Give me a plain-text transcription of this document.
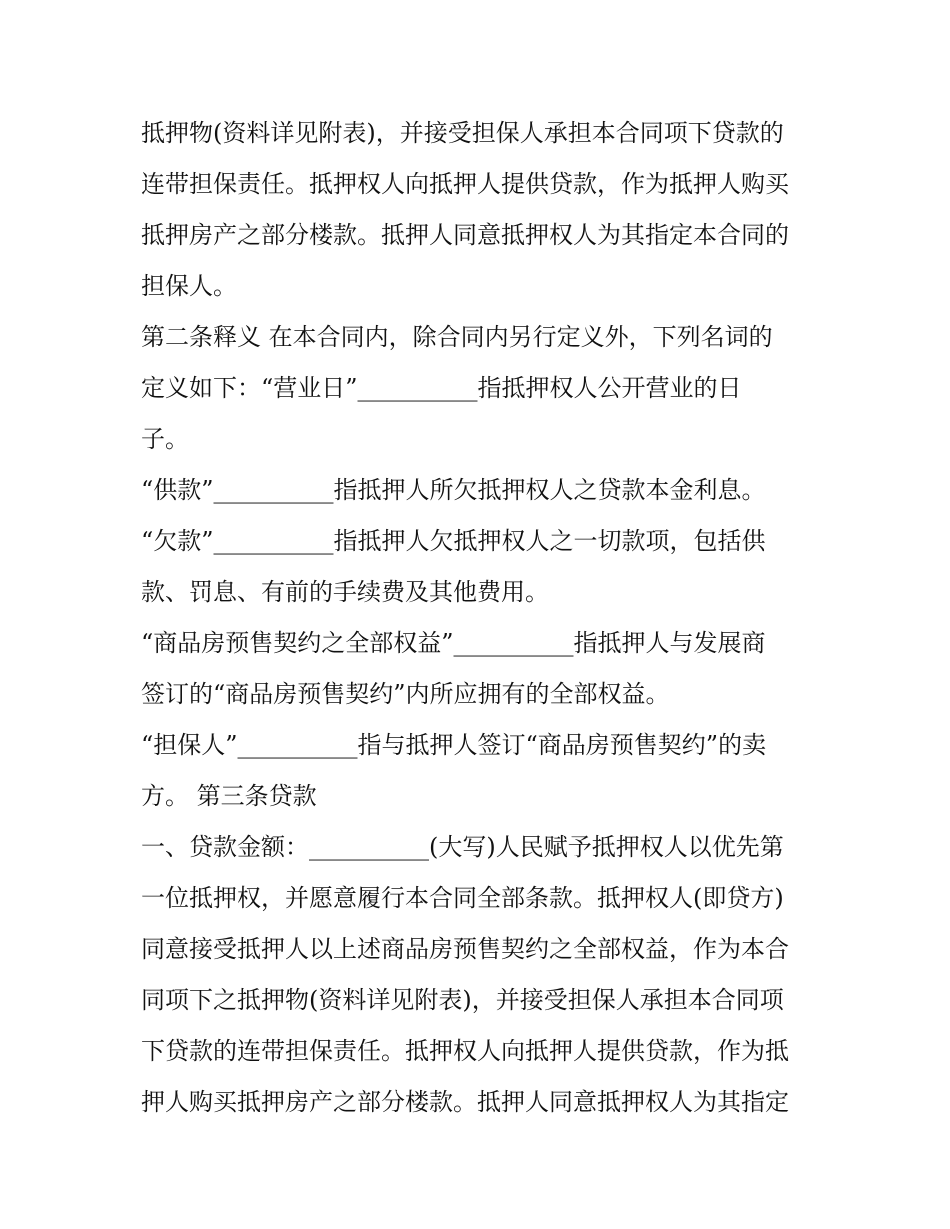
抵押物(资料详见附表)，并接受担保人承担本合同项下贷款的
连带担保责任。抵押权人向抵押人提供贷款，作为抵押人购买
抵押房产之部分楼款。抵押人同意抵押权人为其指定本合同的
担保人。
第二条释义 在本合同内，除合同内另行定义外，下列名词的
定义如下：“营业日”__________指抵押权人公开营业的日
子。
“供款”__________指抵押人所欠抵押权人之贷款本金利息。
“欠款”__________指抵押人欠抵押权人之一切款项，包括供
款、罚息、有前的手续费及其他费用。
“商品房预售契约之全部权益”__________指抵押人与发展商
签订的“商品房预售契约”内所应拥有的全部权益。
“担保人”__________指与抵押人签订“商品房预售契约”的卖
方。 第三条贷款
一、贷款金额：__________(大写)人民赋予抵押权人以优先第
一位抵押权，并愿意履行本合同全部条款。抵押权人(即贷方)
同意接受抵押人以上述商品房预售契约之全部权益，作为本合
同项下之抵押物(资料详见附表)，并接受担保人承担本合同项
下贷款的连带担保责任。抵押权人向抵押人提供贷款，作为抵
押人购买抵押房产之部分楼款。抵押人同意抵押权人为其指定
